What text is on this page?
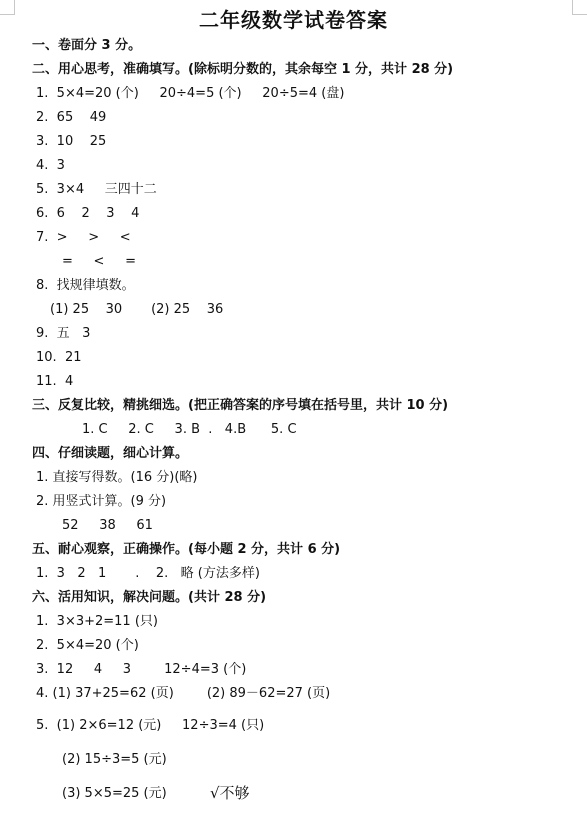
二年级数学试卷答案
一、卷面分 3 分。
二、用心思考，准确填写。(除标明分数的，其余每空 1 分，共计 28 分)
1.  5×4=20 (个)     20÷4=5 (个)     20÷5=4 (盘)
2.  65    49
3.  10    25
4.  3
5.  3×4     三四十二
6.  6    2    3    4
7.  >     >     <
=     <     =
8.  找规律填数。
(1) 25    30       (2) 25    36
9.  五   3
10.  21
11.  4
三、反复比较，精挑细选。(把正确答案的序号填在括号里，共计 10 分)
1. C     2. C     3. B  .   4.B      5. C
四、仔细读题，细心计算。
1. 直接写得数。(16 分)(略)
2. 用竖式计算。(9 分)
52     38     61
五、耐心观察，正确操作。(每小题 2 分，共计 6 分)
1.  3   2   1       .    2.   略 (方法多样)
六、活用知识，解决问题。(共计 28 分)
1.  3×3+2=11 (只)
2.  5×4=20 (个)
3.  12     4     3        12÷4=3 (个)
4. (1) 37+25=62 (页)        (2) 89－62=27 (页)
5.  (1) 2×6=12 (元)     12÷3=4 (只)
(2) 15÷3=5 (元)
(3) 5×5=25 (元)	√不够
